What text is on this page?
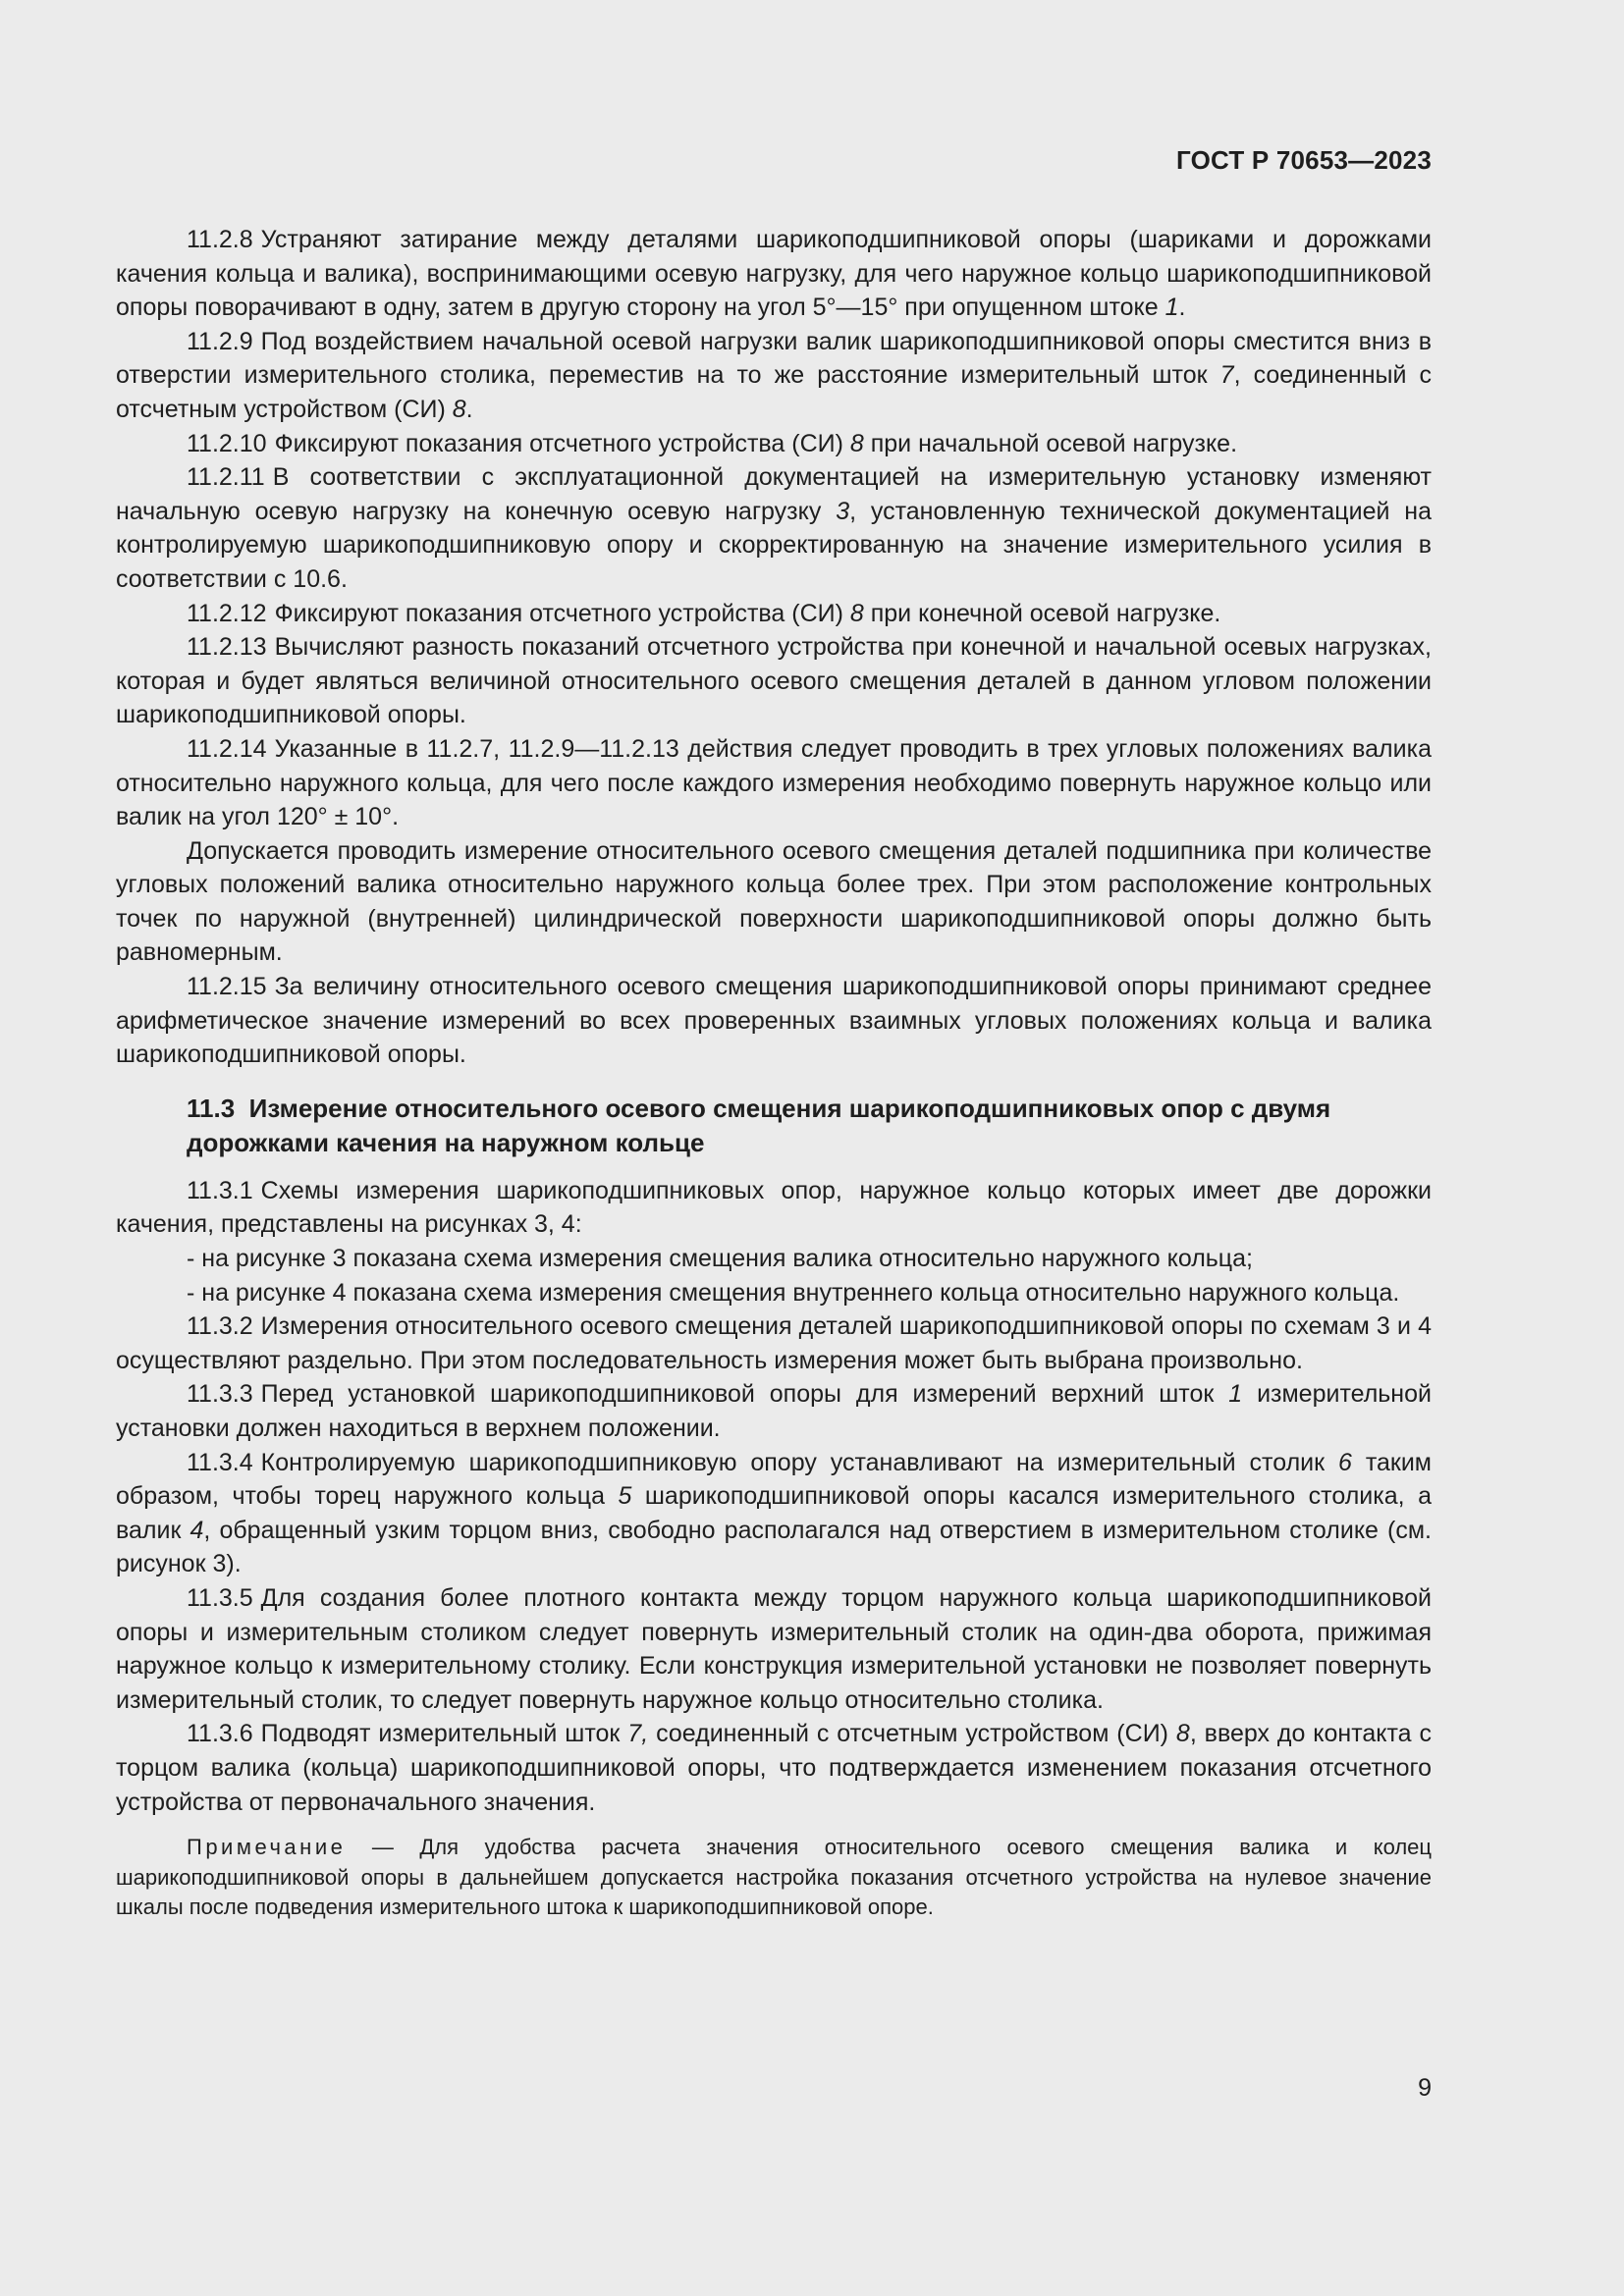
ГОСТ Р 70653—2023

11.2.8 Устраняют затирание между деталями шарикоподшипниковой опоры (шариками и дорожками качения кольца и валика), воспринимающими осевую нагрузку, для чего наружное кольцо шарикоподшипниковой опоры поворачивают в одну, затем в другую сторону на угол 5°—15° при опущенном штоке 1.

11.2.9 Под воздействием начальной осевой нагрузки валик шарикоподшипниковой опоры сместится вниз в отверстии измерительного столика, переместив на то же расстояние измерительный шток 7, соединенный с отсчетным устройством (СИ) 8.

11.2.10 Фиксируют показания отсчетного устройства (СИ) 8 при начальной осевой нагрузке.

11.2.11 В соответствии с эксплуатационной документацией на измерительную установку изменяют начальную осевую нагрузку на конечную осевую нагрузку 3, установленную технической документацией на контролируемую шарикоподшипниковую опору и скорректированную на значение измерительного усилия в соответствии с 10.6.

11.2.12 Фиксируют показания отсчетного устройства (СИ) 8 при конечной осевой нагрузке.

11.2.13 Вычисляют разность показаний отсчетного устройства при конечной и начальной осевых нагрузках, которая и будет являться величиной относительного осевого смещения деталей в данном угловом положении шарикоподшипниковой опоры.

11.2.14 Указанные в 11.2.7, 11.2.9—11.2.13 действия следует проводить в трех угловых положениях валика относительно наружного кольца, для чего после каждого измерения необходимо повернуть наружное кольцо или валик на угол 120° ± 10°.

Допускается проводить измерение относительного осевого смещения деталей подшипника при количестве угловых положений валика относительно наружного кольца более трех. При этом расположение контрольных точек по наружной (внутренней) цилиндрической поверхности шарикоподшипниковой опоры должно быть равномерным.

11.2.15 За величину относительного осевого смещения шарикоподшипниковой опоры принимают среднее арифметическое значение измерений во всех проверенных взаимных угловых положениях кольца и валика шарикоподшипниковой опоры.

11.3 Измерение относительного осевого смещения шарикоподшипниковых опор с двумя дорожками качения на наружном кольце

11.3.1 Схемы измерения шарикоподшипниковых опор, наружное кольцо которых имеет две дорожки качения, представлены на рисунках 3, 4:

- на рисунке 3 показана схема измерения смещения валика относительно наружного кольца;

- на рисунке 4 показана схема измерения смещения внутреннего кольца относительно наружного кольца.

11.3.2 Измерения относительного осевого смещения деталей шарикоподшипниковой опоры по схемам 3 и 4 осуществляют раздельно. При этом последовательность измерения может быть выбрана произвольно.

11.3.3 Перед установкой шарикоподшипниковой опоры для измерений верхний шток 1 измерительной установки должен находиться в верхнем положении.

11.3.4 Контролируемую шарикоподшипниковую опору устанавливают на измерительный столик 6 таким образом, чтобы торец наружного кольца 5 шарикоподшипниковой опоры касался измерительного столика, а валик 4, обращенный узким торцом вниз, свободно располагался над отверстием в измерительном столике (см. рисунок 3).

11.3.5 Для создания более плотного контакта между торцом наружного кольца шарикоподшипниковой опоры и измерительным столиком следует повернуть измерительный столик на один-два оборота, прижимая наружное кольцо к измерительному столику. Если конструкция измерительной установки не позволяет повернуть измерительный столик, то следует повернуть наружное кольцо относительно столика.

11.3.6 Подводят измерительный шток 7, соединенный с отсчетным устройством (СИ) 8, вверх до контакта с торцом валика (кольца) шарикоподшипниковой опоры, что подтверждается изменением показания отсчетного устройства от первоначального значения.

Примечание — Для удобства расчета значения относительного осевого смещения валика и колец шарикоподшипниковой опоры в дальнейшем допускается настройка показания отсчетного устройства на нулевое значение шкалы после подведения измерительного штока к шарикоподшипниковой опоре.

9
